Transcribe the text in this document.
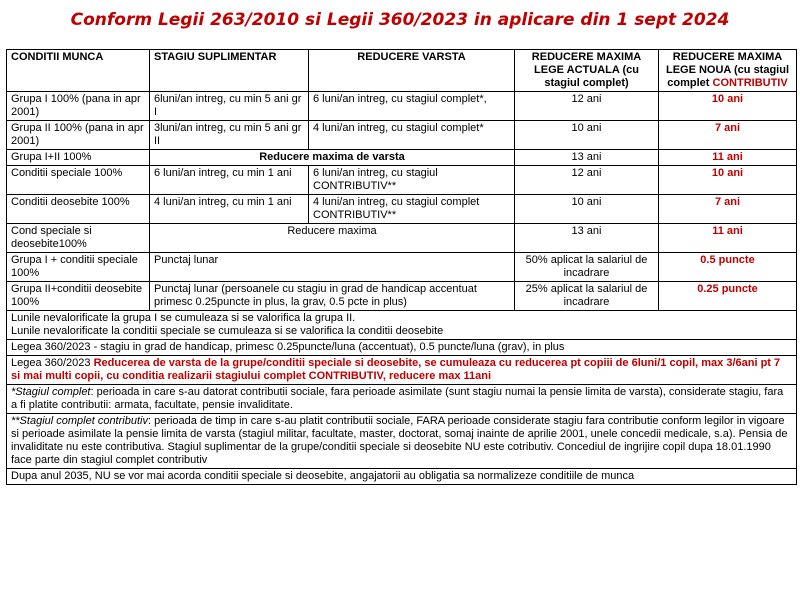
Conform Legii 263/2010 si Legii 360/2023 in aplicare din 1 sept 2024
CONDITII MUNCA	STAGIU SUPLIMENTAR	REDUCERE VARSTA	REDUCERE MAXIMA LEGE ACTUALA (cu stagiul complet)	REDUCERE MAXIMA LEGE NOUA (cu stagiul complet CONTRIBUTIV
Grupa I 100% (pana in apr 2001)	6luni/an intreg, cu min 5 ani gr I	6 luni/an intreg, cu stagiul complet*,	12 ani	10 ani
Grupa II 100% (pana in apr 2001)	3luni/an intreg, cu min 5 ani gr II	4 luni/an intreg, cu stagiul complet*	10 ani	7 ani
Grupa I+II 100%	Reducere maxima de varsta		13 ani	11 ani
Conditii speciale 100%	6 luni/an intreg, cu min 1 ani	6 luni/an intreg, cu stagiul CONTRIBUTIV**	12 ani	10 ani
Conditii deosebite 100%	4 luni/an intreg, cu min 1 ani	4 luni/an intreg, cu stagiul complet CONTRIBUTIV**	10 ani	7 ani
Cond speciale si deosebite100%	Reducere maxima		13 ani	11 ani
Grupa I + conditii speciale 100%	Punctaj lunar		50% aplicat la salariul de incadrare	0.5 puncte
Grupa II+conditii deosebite 100%	Punctaj lunar (persoanele cu stagiu in grad de handicap accentuat primesc 0.25puncte in plus, la grav, 0.5 pcte in plus)		25% aplicat la salariul de incadrare	0.25 puncte

Lunile nevalorificate la grupa I se cumuleaza si se valorifica la grupa II.
Lunile nevalorificate la conditii speciale se cumuleaza si se valorifica la conditii deosebite				

Legea 360/2023 - stagiu in grad de handicap, primesc 0.25puncte/luna (accentuat), 0.5 puncte/luna (grav), in plus				
Legea 360/2023 Reducerea de varsta de la grupe/conditii speciale si deosebite, se cumuleaza cu reducerea pt copiii de 6luni/1 copil, max 3/6ani pt 7 si mai multi copii, cu conditia realizarii stagiului complet CONTRIBUTIV, reducere max 11ani				
*Stagiul complet: perioada in care s-au datorat contributii sociale, fara perioade asimilate (sunt stagiu numai la pensie limita de varsta), considerate stagiu, fara a fi platite contributii: armata, facultate, pensie invaliditate.				
**Stagiul complet contributiv: perioada de timp in care s-au platit contributii sociale, FARA perioade considerate stagiu fara contributie conform legilor in vigoare si perioade asimilate la pensie limita de varsta (stagiul militar, facultate, master, doctorat, somaj inainte de aprilie 2001, unele concedii medicale, s.a). Pensia de invaliditate nu este contributiva. Stagiul suplimentar de la grupe/conditii speciale si deosebite NU este cotributiv. Concediul de ingrijire copil dupa 18.01.1990 face parte din stagiul complet contributiv				
Dupa anul 2035, NU se vor mai acorda conditii speciale si deosebite, angajatorii au obligatia sa normalizeze conditiile de munca				
